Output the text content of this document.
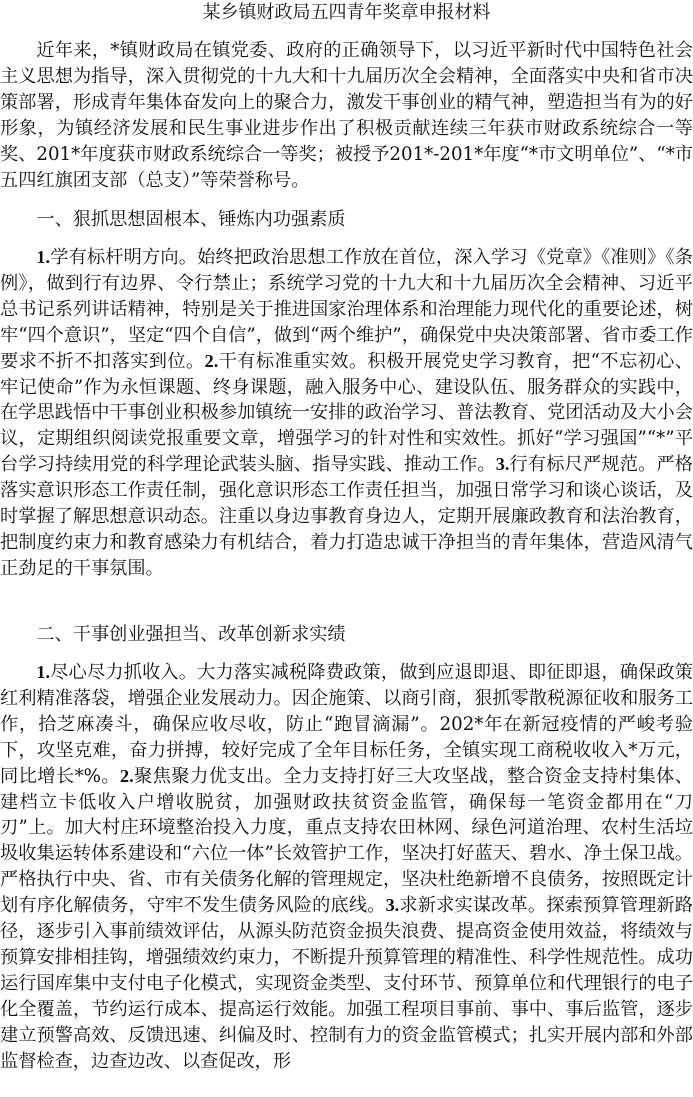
某乡镇财政局五四青年奖章申报材料

近年来，*镇财政局在镇党委、政府的正确领导下，以习近平新时代中国特色社会主义思想为指导，深入贯彻党的十九大和十九届历次全会精神，全面落实中央和省市决策部署，形成青年集体奋发向上的聚合力，激发干事创业的精气神，塑造担当有为的好形象，为镇经济发展和民生事业进步作出了积极贡献连续三年获市财政系统综合一等奖、201*年度获市财政系统综合一等奖；被授予201*-201*年度“*市文明单位”、“*市五四红旗团支部（总支）”等荣誉称号。

一、狠抓思想固根本、锤炼内功强素质

1.学有标杆明方向。始终把政治思想工作放在首位，深入学习《党章》《准则》《条例》，做到行有边界、令行禁止；系统学习党的十九大和十九届历次全会精神、习近平总书记系列讲话精神，特别是关于推进国家治理体系和治理能力现代化的重要论述，树牢“四个意识”，坚定“四个自信”，做到“两个维护”，确保党中央决策部署、省市委工作要求不折不扣落实到位。2.干有标准重实效。积极开展党史学习教育，把“不忘初心、牢记使命”作为永恒课题、终身课题，融入服务中心、建设队伍、服务群众的实践中，在学思践悟中干事创业积极参加镇统一安排的政治学习、普法教育、党团活动及大小会议，定期组织阅读党报重要文章，增强学习的针对性和实效性。抓好“学习强国”“*”平台学习持续用党的科学理论武装头脑、指导实践、推动工作。3.行有标尺严规范。严格落实意识形态工作责任制，强化意识形态工作责任担当，加强日常学习和谈心谈话，及时掌握了解思想意识动态。注重以身边事教育身边人，定期开展廉政教育和法治教育，把制度约束力和教育感染力有机结合，着力打造忠诚干净担当的青年集体，营造风清气正劲足的干事氛围。

二、干事创业强担当、改革创新求实绩

1.尽心尽力抓收入。大力落实减税降费政策，做到应退即退、即征即退，确保政策红利精准落袋，增强企业发展动力。因企施策、以商引商，狠抓零散税源征收和服务工作，拾芝麻凑斗，确保应收尽收，防止“跑冒滴漏”。202*年在新冠疫情的严峻考验下，攻坚克难，奋力拼搏，较好完成了全年目标任务，全镇实现工商税收收入*万元，同比增长*%。2.聚焦聚力优支出。全力支持打好三大攻坚战，整合资金支持村集体、建档立卡低收入户增收脱贫，加强财政扶贫资金监管，确保每一笔资金都用在“刀刃”上。加大村庄环境整治投入力度，重点支持农田林网、绿色河道治理、农村生活垃圾收集运转体系建设和“六位一体”长效管护工作，坚决打好蓝天、碧水、净土保卫战。严格执行中央、省、市有关债务化解的管理规定，坚决杜绝新增不良债务，按照既定计划有序化解债务，守牢不发生债务风险的底线。3.求新求实谋改革。探索预算管理新路径，逐步引入事前绩效评估，从源头防范资金损失浪费、提高资金使用效益，将绩效与预算安排相挂钩，增强绩效约束力，不断提升预算管理的精准性、科学性规范性。成功运行国库集中支付电子化模式，实现资金类型、支付环节、预算单位和代理银行的电子化全覆盖，节约运行成本、提高运行效能。加强工程项目事前、事中、事后监管，逐步建立预警高效、反馈迅速、纠偏及时、控制有力的资金监管模式；扎实开展内部和外部监督检查，边查边改、以查促改，形
